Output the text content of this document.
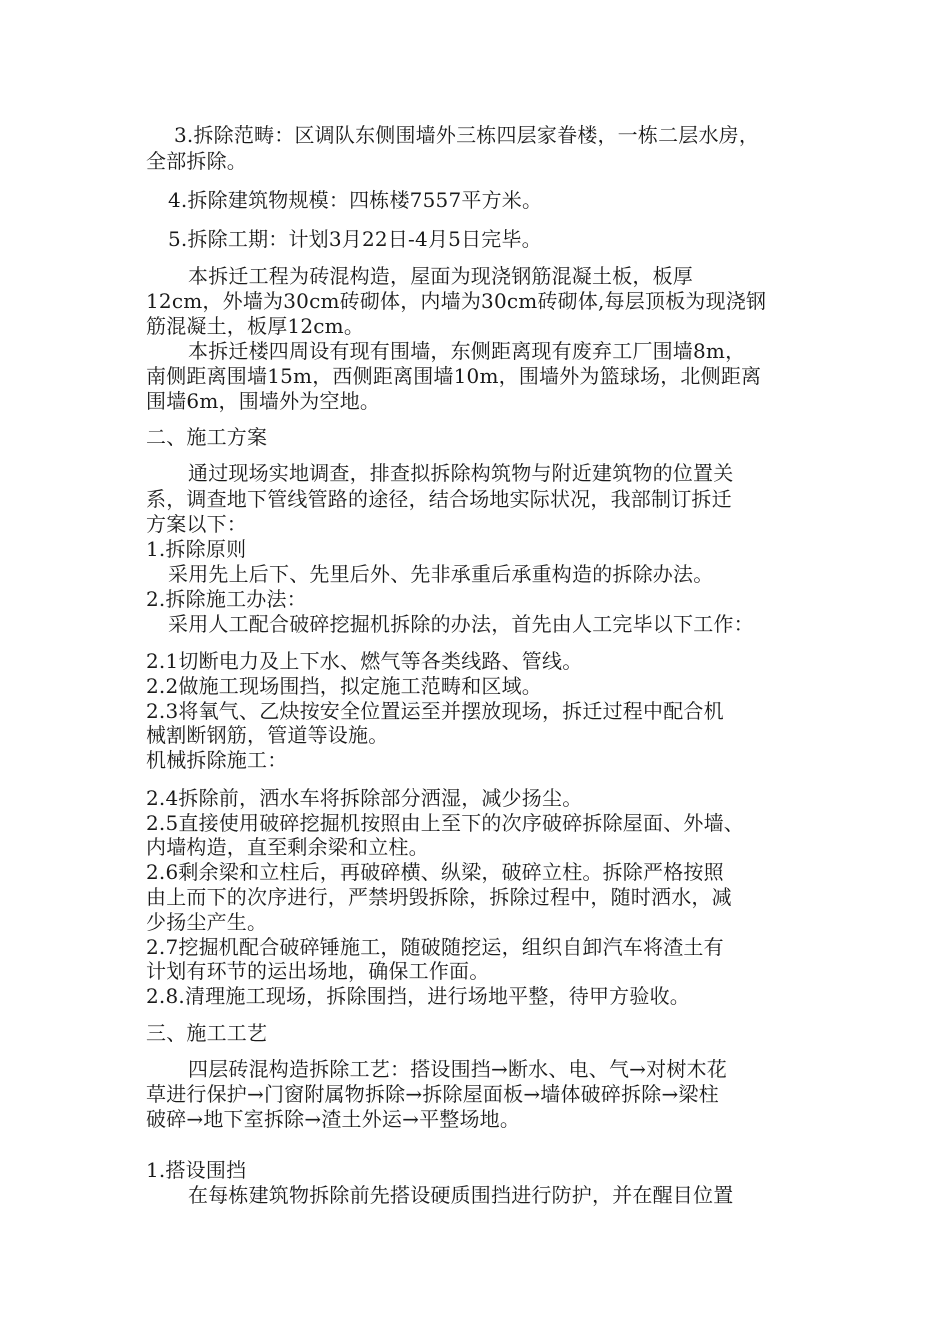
3.拆除范畴：区调队东侧围墙外三栋四层家眷楼，一栋二层水房，
全部拆除。
4.拆除建筑物规模：四栋楼7557平方米。
5.拆除工期：计划3月22日-4月5日完毕。
本拆迁工程为砖混构造，屋面为现浇钢筋混凝土板，板厚
12cm，外墙为30cm砖砌体，内墙为30cm砖砌体,每层顶板为现浇钢
筋混凝土，板厚12cm。
本拆迁楼四周设有现有围墙，东侧距离现有废弃工厂围墙8m，
南侧距离围墙15m，西侧距离围墙10m，围墙外为篮球场，北侧距离
围墙6m，围墙外为空地。
二、施工方案
通过现场实地调查，排查拟拆除构筑物与附近建筑物的位置关
系，调查地下管线管路的途径，结合场地实际状况，我部制订拆迁
方案以下：
1.拆除原则
采用先上后下、先里后外、先非承重后承重构造的拆除办法。
2.拆除施工办法：
采用人工配合破碎挖掘机拆除的办法，首先由人工完毕以下工作：
2.1切断电力及上下水、燃气等各类线路、管线。
2.2做施工现场围挡，拟定施工范畴和区域。
2.3将氧气、乙炔按安全位置运至并摆放现场，拆迁过程中配合机
械割断钢筋，管道等设施。
机械拆除施工：
2.4拆除前，洒水车将拆除部分洒湿，减少扬尘。
2.5直接使用破碎挖掘机按照由上至下的次序破碎拆除屋面、外墙、
内墙构造，直至剩余梁和立柱。
2.6剩余梁和立柱后，再破碎横、纵梁，破碎立柱。拆除严格按照
由上而下的次序进行，严禁坍毁拆除，拆除过程中，随时洒水，减
少扬尘产生。
2.7挖掘机配合破碎锤施工，随破随挖运，组织自卸汽车将渣土有
计划有环节的运出场地，确保工作面。
2.8.清理施工现场，拆除围挡，进行场地平整，待甲方验收。
三、施工工艺
四层砖混构造拆除工艺：搭设围挡→断水、电、气→对树木花
草进行保护→门窗附属物拆除→拆除屋面板→墙体破碎拆除→梁柱
破碎→地下室拆除→渣土外运→平整场地。
1.搭设围挡
在每栋建筑物拆除前先搭设硬质围挡进行防护，并在醒目位置
